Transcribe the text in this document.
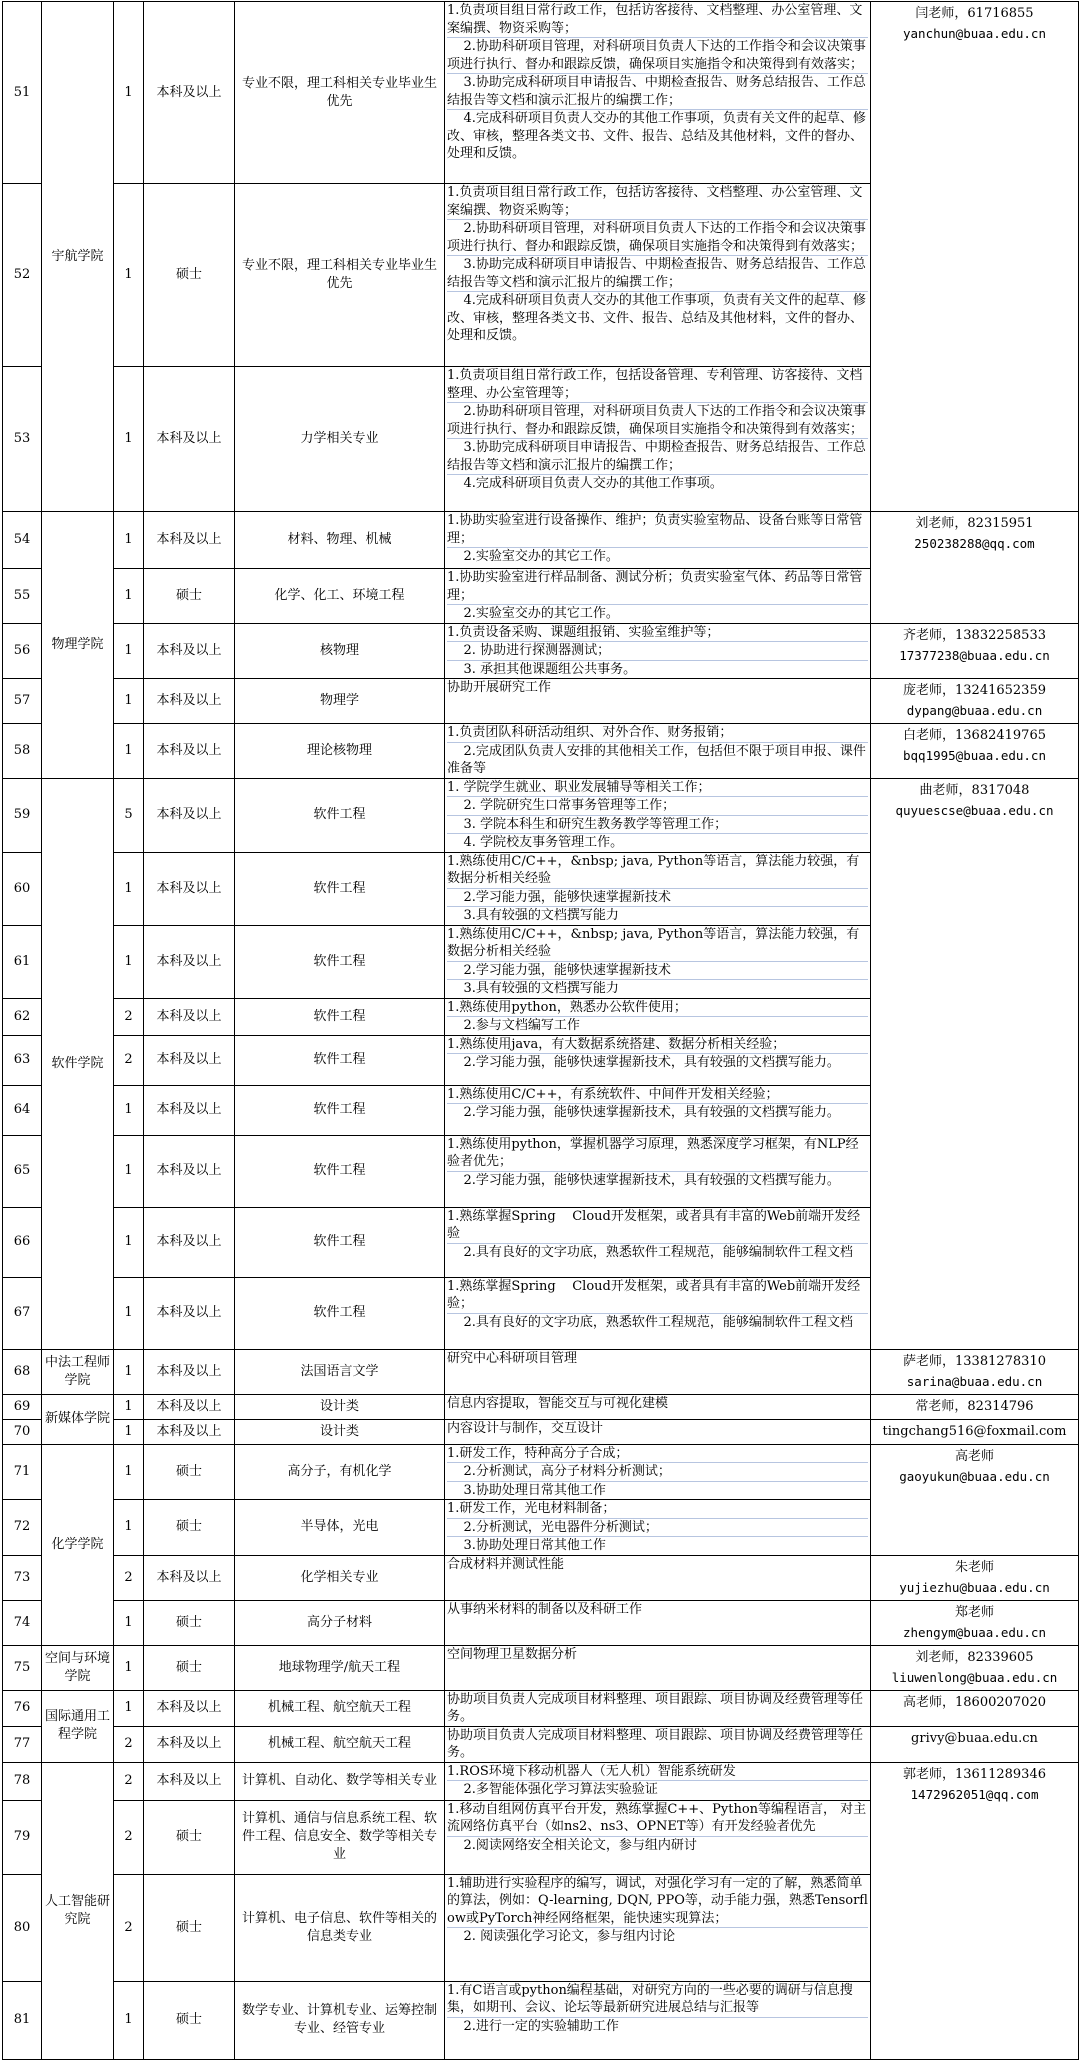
51	宇航学院	1	本科及以上	专业不限，理工科相关专业毕业生优先	1.负责项目组日常行政工作，包括访客接待、文档整理、办公室管理、文案编撰、物资采购等；
2.协助科研项目管理，对科研项目负责人下达的工作指令和会议决策事项进行执行、督办和跟踪反馈，确保项目实施指令和决策得到有效落实；
3.协助完成科研项目申请报告、中期检查报告、财务总结报告、工作总结报告等文档和演示汇报片的编撰工作；
4.完成科研项目负责人交办的其他工作事项，负责有关文件的起草、修改、审核，整理各类文书、文件、报告、总结及其他材料，文件的督办、处理和反馈。	闫老师，61716855
yanchun@buaa.edu.cn

52		1	硕士	专业不限，理工科相关专业毕业生优先	1.负责项目组日常行政工作，包括访客接待、文档整理、办公室管理、文案编撰、物资采购等；
2.协助科研项目管理，对科研项目负责人下达的工作指令和会议决策事项进行执行、督办和跟踪反馈，确保项目实施指令和决策得到有效落实；
3.协助完成科研项目申请报告、中期检查报告、财务总结报告、工作总结报告等文档和演示汇报片的编撰工作；
4.完成科研项目负责人交办的其他工作事项，负责有关文件的起草、修改、审核，整理各类文书、文件、报告、总结及其他材料，文件的督办、处理和反馈。	

53		1	本科及以上	力学相关专业	1.负责项目组日常行政工作，包括设备管理、专利管理、访客接待、文档整理、办公室管理等；
2.协助科研项目管理，对科研项目负责人下达的工作指令和会议决策事项进行执行、督办和跟踪反馈，确保项目实施指令和决策得到有效落实；
3.协助完成科研项目申请报告、中期检查报告、财务总结报告、工作总结报告等文档和演示汇报片的编撰工作；
4.完成科研项目负责人交办的其他工作事项。	

54	物理学院	1	本科及以上	材料、物理、机械	1.协助实验室进行设备操作、维护；负责实验室物品、设备台账等日常管理；
2.实验室交办的其它工作。	刘老师，82315951
250238288@qq.com

55		1	硕士	化学、化工、环境工程	1.协助实验室进行样品制备、测试分析；负责实验室气体、药品等日常管理；
2.实验室交办的其它工作。	

56		1	本科及以上	核物理	1.负责设备采购、课题组报销、实验室维护等；
2. 协助进行探测器测试；
3. 承担其他课题组公共事务。	齐老师，13832258533
17377238@buaa.edu.cn

57		1	本科及以上	物理学	协助开展研究工作	庞老师，13241652359
dypang@buaa.edu.cn

58		1	本科及以上	理论核物理	1.负责团队科研活动组织、对外合作、财务报销；
2.完成团队负责人安排的其他相关工作，包括但不限于项目申报、课件准备等	白老师，13682419765
bqq1995@buaa.edu.cn

59	软件学院	5	本科及以上	软件工程	1. 学院学生就业、职业发展辅导等相关工作；
2. 学院研究生口常事务管理等工作；
3. 学院本科生和研究生教务教学等管理工作；
4. 学院校友事务管理工作。	曲老师，8317048
quyuescse@buaa.edu.cn

60		1	本科及以上	软件工程	1.熟练使用C/C++，&nbsp; java, Python等语言，算法能力较强，有数据分析相关经验
2.学习能力强，能够快速掌握新技术
3.具有较强的文档撰写能力	

61		1	本科及以上	软件工程	1.熟练使用C/C++，&nbsp; java, Python等语言，算法能力较强，有数据分析相关经验
2.学习能力强，能够快速掌握新技术
3.具有较强的文档撰写能力	

62		2	本科及以上	软件工程	1.熟练使用python，熟悉办公软件使用；
2.参与文档编写工作	

63		2	本科及以上	软件工程	1.熟练使用java，有大数据系统搭建、数据分析相关经验；
2.学习能力强，能够快速掌握新技术，具有较强的文档撰写能力。	

64		1	本科及以上	软件工程	1.熟练使用C/C++，有系统软件、中间件开发相关经验；
2.学习能力强，能够快速掌握新技术，具有较强的文档撰写能力。	

65		1	本科及以上	软件工程	1.熟练使用python，掌握机器学习原理，熟悉深度学习框架，有NLP经验者优先；
2.学习能力强，能够快速掌握新技术，具有较强的文档撰写能力。	

66		1	本科及以上	软件工程	1.熟练掌握Spring    Cloud开发框架，或者具有丰富的Web前端开发经验
2.具有良好的文字功底，熟悉软件工程规范，能够编制软件工程文档	

67		1	本科及以上	软件工程	1.熟练掌握Spring    Cloud开发框架，或者具有丰富的Web前端开发经验；
2.具有良好的文字功底，熟悉软件工程规范，能够编制软件工程文档	

68	中法工程师学院	1	本科及以上	法国语言文学	研究中心科研项目管理	萨老师，13381278310
sarina@buaa.edu.cn

69	新媒体学院	1	本科及以上	设计类	信息内容提取，智能交互与可视化建模	常老师，82314796

70		1	本科及以上	设计类	内容设计与制作，交互设计	tingchang516@foxmail.com

71	化学学院	1	硕士	高分子，有机化学	1.研发工作，特种高分子合成；
2.分析测试，高分子材料分析测试；
3.协助处理日常其他工作	高老师
gaoyukun@buaa.edu.cn

72		1	硕士	半导体，光电	1.研发工作，光电材料制备；
2.分析测试，光电器件分析测试；
3.协助处理日常其他工作	

73		2	本科及以上	化学相关专业	合成材料并测试性能	朱老师
yujiezhu@buaa.edu.cn

74		1	硕士	高分子材料	从事纳米材料的制备以及科研工作	郑老师
zhengym@buaa.edu.cn

75	空间与环境学院	1	硕士	地球物理学/航天工程	空间物理卫星数据分析	刘老师，82339605
liuwenlong@buaa.edu.cn

76	国际通用工程学院	1	本科及以上	机械工程、航空航天工程	协助项目负责人完成项目材料整理、项目跟踪、项目协调及经费管理等任务。	高老师，18600207020

77		2	本科及以上	机械工程、航空航天工程	协助项目负责人完成项目材料整理、项目跟踪、项目协调及经费管理等任务。	grivy@buaa.edu.cn

78	人工智能研究院	2	本科及以上	计算机、自动化、数学等相关专业	1.ROS环境下移动机器人（无人机）智能系统研发
2.多智能体强化学习算法实验验证	郭老师，13611289346
1472962051@qq.com

79		2	硕士	计算机、通信与信息系统工程、软件工程、信息安全、数学等相关专业	1.移动自组网仿真平台开发，熟练掌握C++、Python等编程语言， 对主流网络仿真平台（如ns2、ns3、OPNET等）有开发经验者优先
2.阅读网络安全相关论文，参与组内研讨	

80		2	硕士	计算机、电子信息、软件等相关的信息类专业	1.辅助进行实验程序的编写，调试，对强化学习有一定的了解，熟悉简单的算法，例如：Q-learning, DQN, PPO等，动手能力强，熟悉Tensorflow或PyTorch神经网络框架，能快速实现算法；
2. 阅读强化学习论文，参与组内讨论	

81		1	硕士	数学专业、计算机专业、运筹控制专业、经管专业	1.有C语言或python编程基础，对研究方向的一些必要的调研与信息搜集，如期刊、会议、论坛等最新研究进展总结与汇报等
2.进行一定的实验辅助工作	
